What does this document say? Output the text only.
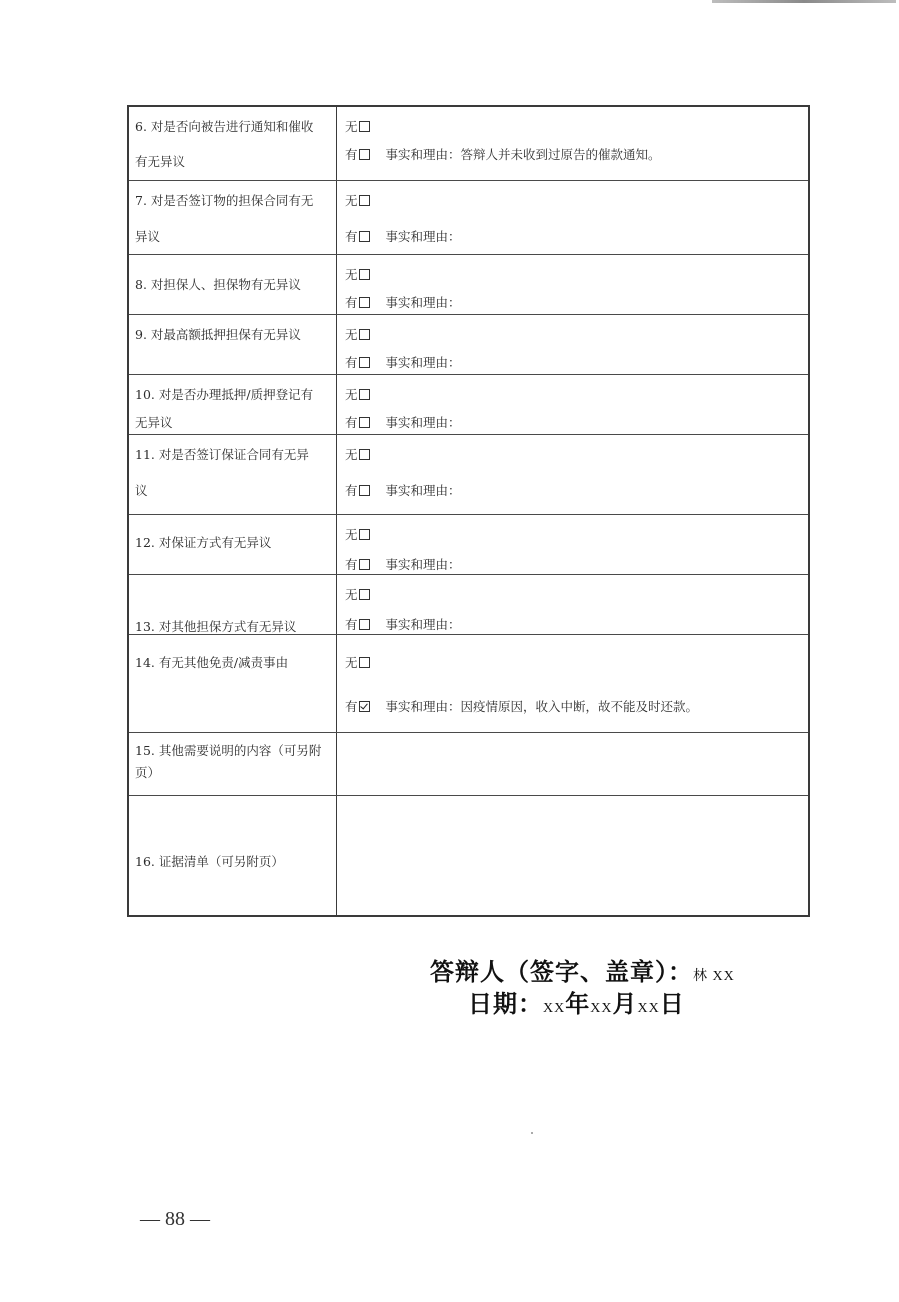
6. 对是否向被告进行通知和催收
有无异议
无
有 事实和理由：答辩人并未收到过原告的催款通知。
7. 对是否签订物的担保合同有无
异议
无
有 事实和理由：
8. 对担保人、担保物有无异议
无
有 事实和理由：
9. 对最高额抵押担保有无异议	无
有 事实和理由：
10. 对是否办理抵押/质押登记有
无异议
无
有 事实和理由：
11. 对是否签订保证合同有无异
议
无
有 事实和理由：
12. 对保证方式有无异议
无
有 事实和理由：
13. 对其他担保方式有无异议
无
有 事实和理由：
14. 有无其他免责/减责事由	无
有 事实和理由：因疫情原因，收入中断，故不能及时还款。
15. 其他需要说明的内容（可另附
页）
16. 证据清单（可另附页）
答辩人（签字、盖章）：林 XX
日期：XX年XX月XX日
— 88 —
